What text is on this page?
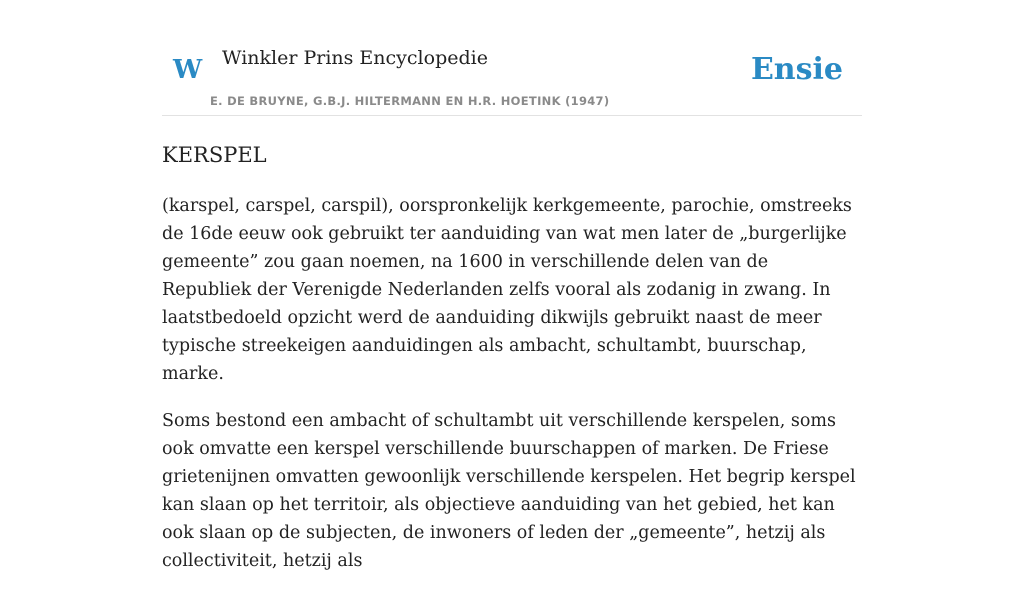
W Winkler Prins Encyclopedie
E. DE BRUYNE, G.B.J. HILTERMANN EN H.R. HOETINK (1947)
Ensie
KERSPEL

(karspel, carspel, carspil), oorspronkelijk kerkgemeente, parochie, omstreeks de 16de eeuw ook gebruikt ter aanduiding van wat men later de „burgerlijke gemeente” zou gaan noemen, na 1600 in verschillende delen van de Republiek der Verenigde Nederlanden zelfs vooral als zodanig in zwang. In laatstbedoeld opzicht werd de aanduiding dikwijls gebruikt naast de meer typische streekeigen aanduidingen als ambacht, schultambt, buurschap, marke.

Soms bestond een ambacht of schultambt uit verschillende kerspelen, soms ook omvatte een kerspel verschillende buurschappen of marken. De Friese grietenijnen omvatten gewoonlijk verschillende kerspelen. Het begrip kerspel kan slaan op het territoir, als objectieve aanduiding van het gebied, het kan ook slaan op de subjecten, de inwoners of leden der „gemeente”, hetzij als collectiviteit, hetzij als
